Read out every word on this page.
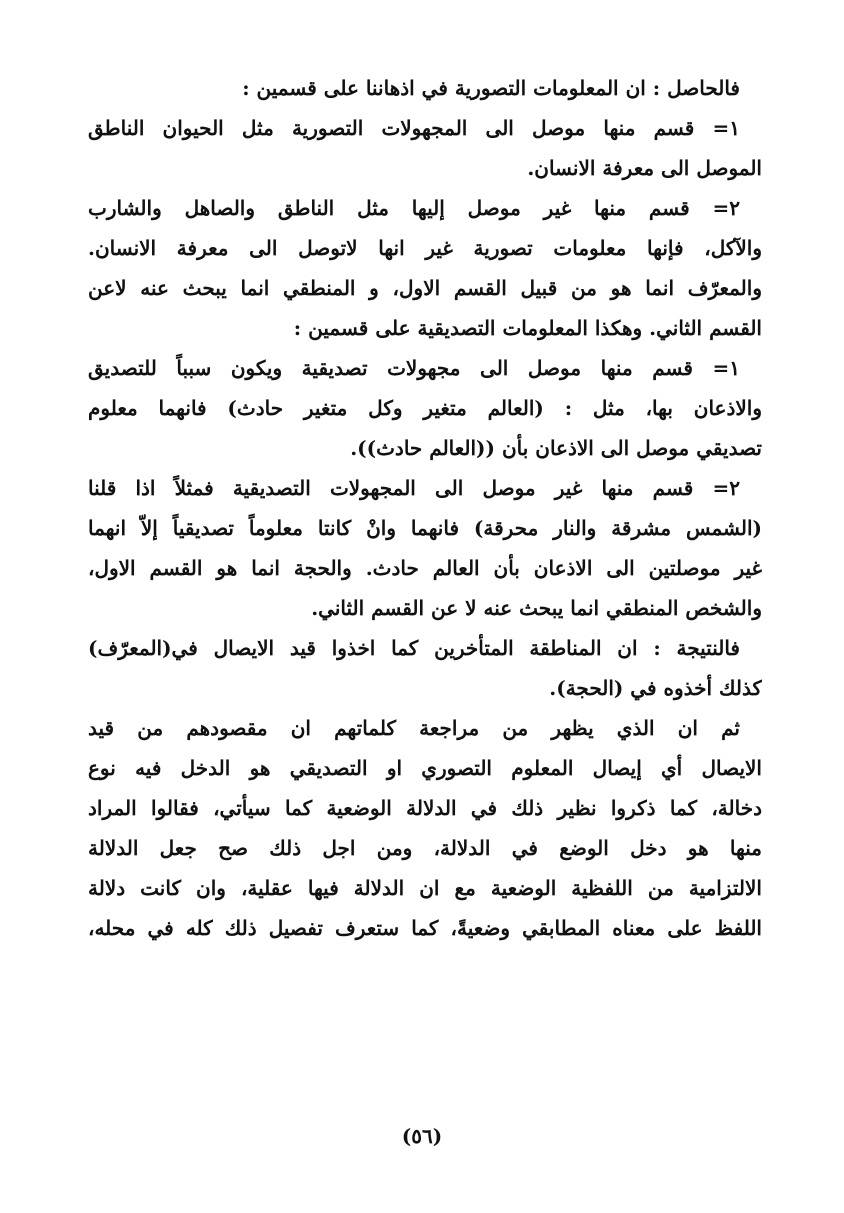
فالحاصل : ان المعلومات التصورية في اذهاننا على قسمين :
١= قسم منها موصل الى المجهولات التصورية مثل الحيوان الناطق
الموصل الى معرفة الانسان.
٢= قسم منها غير موصل إليها مثل الناطق والصاهل والشارب
والآكل، فإنها معلومات تصورية غير انها لاتوصل الى معرفة الانسان.
والمعرّف انما هو من قبيل القسم الاول، و المنطقي انما يبحث عنه لاعن
القسم الثاني. وهكذا المعلومات التصديقية على قسمين :
١= قسم منها موصل الى مجهولات تصديقية ويكون سبباً للتصديق
والاذعان بها، مثل : (العالم متغير وكل متغير حادث) فانهما معلوم
تصديقي موصل الى الاذعان بأن ((العالم حادث)).
٢= قسم منها غير موصل الى المجهولات التصديقية فمثلاً اذا قلنا
(الشمس مشرقة والنار محرقة) فانهما وانْ كانتا معلوماً تصديقياً إلاّ انهما
غير موصلتين الى الاذعان بأن العالم حادث. والحجة انما هو القسم الاول،
والشخص المنطقي انما يبحث عنه لا عن القسم الثاني.
فالنتيجة : ان المناطقة المتأخرين كما اخذوا قيد الايصال في(المعرّف)
كذلك أخذوه في (الحجة).
ثم ان الذي يظهر من مراجعة كلماتهم ان مقصودهم من قيد
الايصال أي إيصال المعلوم التصوري او التصديقي هو الدخل فيه نوع
دخالة، كما ذكروا نظير ذلك في الدلالة الوضعية كما سيأتي، فقالوا المراد
منها هو دخل الوضع في الدلالة، ومن اجل ذلك صح جعل الدلالة
الالتزامية من اللفظية الوضعية مع ان الدلالة فيها عقلية، وان كانت دلالة
اللفظ على معناه المطابقي وضعيةً، كما ستعرف تفصيل ذلك كله في محله،
(٥٦)
